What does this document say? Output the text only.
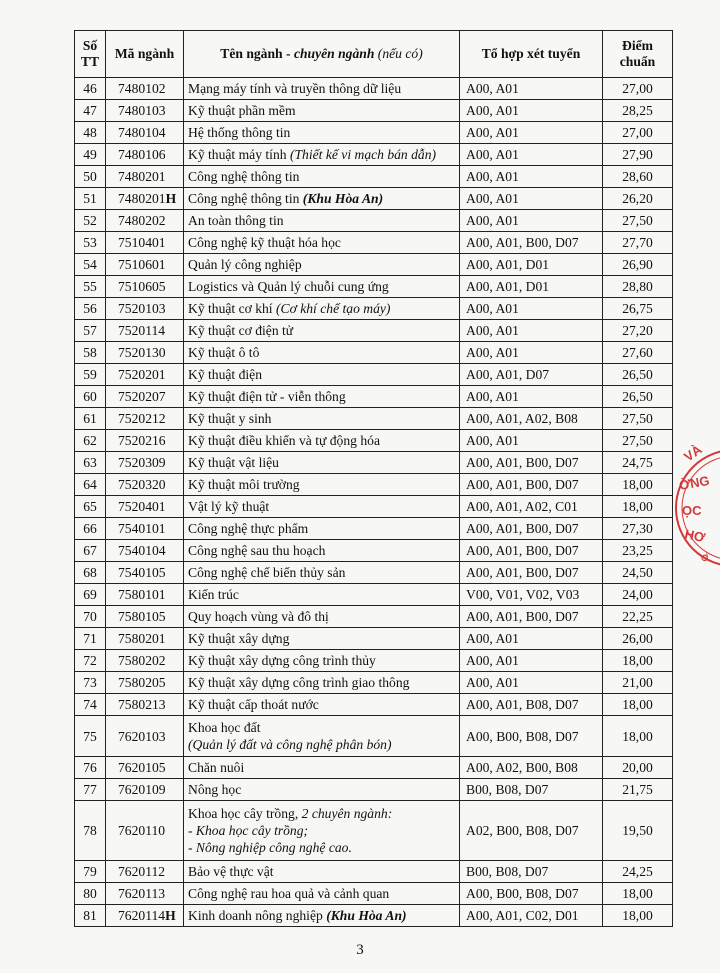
Số
TT	Mã ngành	Tên ngành - chuyên ngành (nếu có)	Tổ hợp xét tuyển	Điểm
chuẩn

46	7480102	Mạng máy tính và truyền thông dữ liệu	A00, A01	27,00
47	7480103	Kỹ thuật phần mềm	A00, A01	28,25
48	7480104	Hệ thống thông tin	A00, A01	27,00
49	7480106	Kỹ thuật máy tính (Thiết kế vi mạch bán dẫn)	A00, A01	27,90
50	7480201	Công nghệ thông tin	A00, A01	28,60
51	7480201H	Công nghệ thông tin (Khu Hòa An)	A00, A01	26,20
52	7480202	An toàn thông tin	A00, A01	27,50
53	7510401	Công nghệ kỹ thuật hóa học	A00, A01, B00, D07	27,70
54	7510601	Quản lý công nghiệp	A00, A01, D01	26,90
55	7510605	Logistics và Quản lý chuỗi cung ứng	A00, A01, D01	28,80
56	7520103	Kỹ thuật cơ khí (Cơ khí chế tạo máy)	A00, A01	26,75
57	7520114	Kỹ thuật cơ điện tử	A00, A01	27,20
58	7520130	Kỹ thuật ô tô	A00, A01	27,60
59	7520201	Kỹ thuật điện	A00, A01, D07	26,50
60	7520207	Kỹ thuật điện tử - viễn thông	A00, A01	26,50
61	7520212	Kỹ thuật y sinh	A00, A01, A02, B08	27,50
62	7520216	Kỹ thuật điều khiển và tự động hóa	A00, A01	27,50
63	7520309	Kỹ thuật vật liệu	A00, A01, B00, D07	24,75
64	7520320	Kỹ thuật môi trường	A00, A01, B00, D07	18,00
65	7520401	Vật lý kỹ thuật	A00, A01, A02, C01	18,00
66	7540101	Công nghệ thực phẩm	A00, A01, B00, D07	27,30
67	7540104	Công nghệ sau thu hoạch	A00, A01, B00, D07	23,25
68	7540105	Công nghệ chế biến thủy sản	A00, A01, B00, D07	24,50
69	7580101	Kiến trúc	V00, V01, V02, V03	24,00
70	7580105	Quy hoạch vùng và đô thị	A00, A01, B00, D07	22,25
71	7580201	Kỹ thuật xây dựng	A00, A01	26,00
72	7580202	Kỹ thuật xây dựng công trình thủy	A00, A01	18,00
73	7580205	Kỹ thuật xây dựng công trình giao thông	A00, A01	21,00
74	7580213	Kỹ thuật cấp thoát nước	A00, A01, B08, D07	18,00
75	7620103	Khoa học đất
(Quản lý đất và công nghệ phân bón)	A00, B00, B08, D07	18,00
76	7620105	Chăn nuôi	A00, A02, B00, B08	20,00
77	7620109	Nông học	B00, B08, D07	21,75
78	7620110	Khoa học cây trồng, 2 chuyên ngành:
- Khoa học cây trồng;
- Nông nghiệp công nghệ cao.	A02, B00, B08, D07	19,50
79	7620112	Bảo vệ thực vật	B00, B08, D07	24,25
80	7620113	Công nghệ rau hoa quả và cảnh quan	A00, B00, B08, D07	18,00
81	7620114H	Kinh doanh nông nghiệp (Khu Hòa An)	A00, A01, C02, D01	18,00
3
VÀ
ỜNG
ỌC
HƠ
Ồ
